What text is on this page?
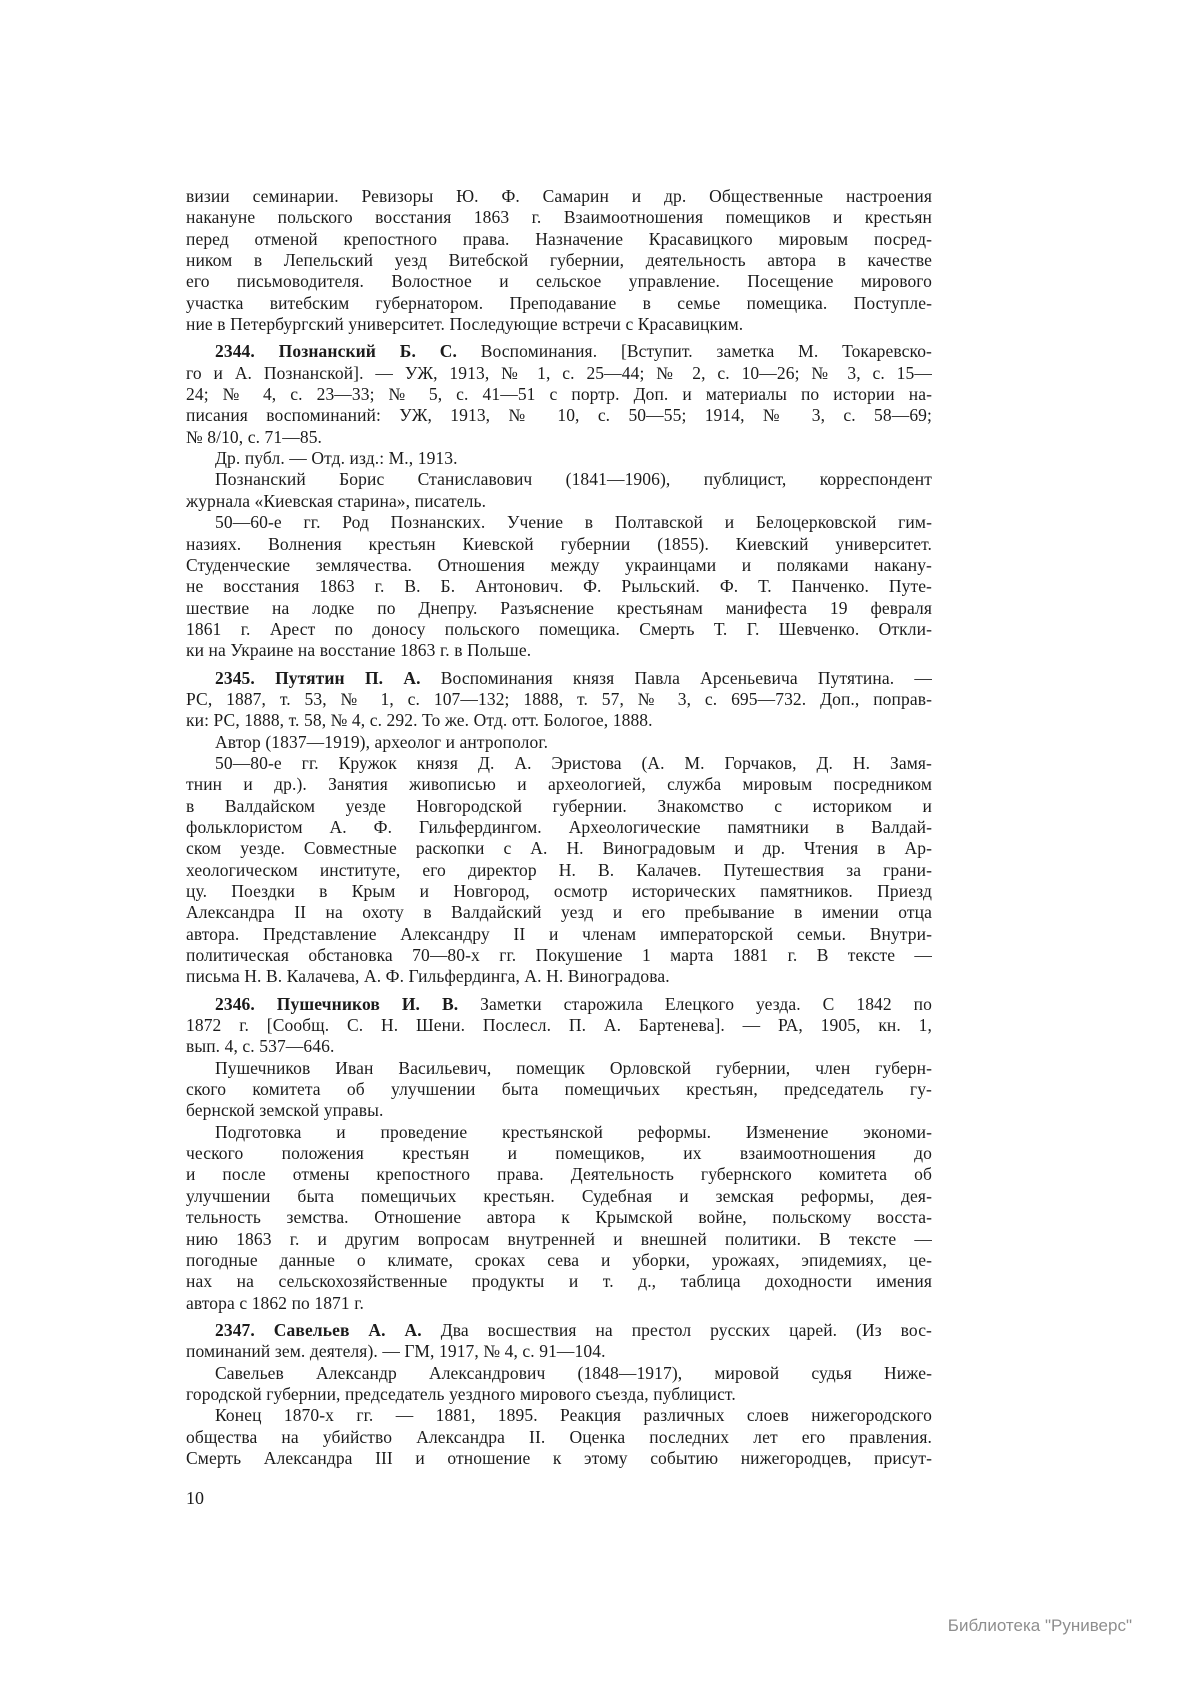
визии семинарии. Ревизоры Ю. Ф. Самарин и др. Общественные настроения
накануне польского восстания 1863 г. Взаимоотношения помещиков и крестьян
перед отменой крепостного права. Назначение Красавицкого мировым посред-
ником в Лепельский уезд Витебской губернии, деятельность автора в качестве
его письмоводителя. Волостное и сельское управление. Посещение мирового
участка витебским губернатором. Преподавание в семье помещика. Поступле-
ние в Петербургский университет. Последующие встречи с Красавицким.
2344. Познанский Б. С. Воспоминания. [Вступит. заметка М. Токаревско-
го и А. Познанской]. — УЖ, 1913, № 1, с. 25—44; № 2, с. 10—26; № 3, с. 15—
24; № 4, с. 23—33; № 5, с. 41—51 с портр. Доп. и материалы по истории на-
писания воспоминаний: УЖ, 1913, № 10, с. 50—55; 1914, № 3, с. 58—69;
№ 8/10, с. 71—85.
Др. публ. — Отд. изд.: М., 1913.
Познанский Борис Станиславович (1841—1906), публицист, корреспондент
журнала «Киевская старина», писатель.
50—60-е гг. Род Познанских. Учение в Полтавской и Белоцерковской гим-
назиях. Волнения крестьян Киевской губернии (1855). Киевский университет.
Студенческие землячества. Отношения между украинцами и поляками накану-
не восстания 1863 г. В. Б. Антонович. Ф. Рыльский. Ф. Т. Панченко. Путе-
шествие на лодке по Днепру. Разъяснение крестьянам манифеста 19 февраля
1861 г. Арест по доносу польского помещика. Смерть Т. Г. Шевченко. Откли-
ки на Украине на восстание 1863 г. в Польше.
2345. Путятин П. А. Воспоминания князя Павла Арсеньевича Путятина. —
РС, 1887, т. 53, № 1, с. 107—132; 1888, т. 57, № 3, с. 695—732. Доп., поправ-
ки: РС, 1888, т. 58, № 4, с. 292. То же. Отд. отт. Бологое, 1888.
Автор (1837—1919), археолог и антрополог.
50—80-е гг. Кружок князя Д. А. Эристова (А. М. Горчаков, Д. Н. Замя-
тнин и др.). Занятия живописью и археологией, служба мировым посредником
в Валдайском уезде Новгородской губернии. Знакомство с историком и
фольклористом А. Ф. Гильфердингом. Археологические памятники в Валдай-
ском уезде. Совместные раскопки с А. Н. Виноградовым и др. Чтения в Ар-
хеологическом институте, его директор Н. В. Калачев. Путешествия за грани-
цу. Поездки в Крым и Новгород, осмотр исторических памятников. Приезд
Александра II на охоту в Валдайский уезд и его пребывание в имении отца
автора. Представление Александру II и членам императорской семьи. Внутри-
политическая обстановка 70—80-х гг. Покушение 1 марта 1881 г. В тексте —
письма Н. В. Калачева, А. Ф. Гильфердинга, А. Н. Виноградова.
2346. Пушечников И. В. Заметки старожила Елецкого уезда. С 1842 по
1872 г. [Сообщ. С. Н. Шени. Послесл. П. А. Бартенева]. — РА, 1905, кн. 1,
вып. 4, с. 537—646.
Пушечников Иван Васильевич, помещик Орловской губернии, член губерн-
ского комитета об улучшении быта помещичьих крестьян, председатель гу-
бернской земской управы.
Подготовка и проведение крестьянской реформы. Изменение экономи-
ческого положения крестьян и помещиков, их взаимоотношения до
и после отмены крепостного права. Деятельность губернского комитета об
улучшении быта помещичьих крестьян. Судебная и земская реформы, дея-
тельность земства. Отношение автора к Крымской войне, польскому восста-
нию 1863 г. и другим вопросам внутренней и внешней политики. В тексте —
погодные данные о климате, сроках сева и уборки, урожаях, эпидемиях, це-
нах на сельскохозяйственные продукты и т. д., таблица доходности имения
автора с 1862 по 1871 г.
2347. Савельев А. А. Два восшествия на престол русских царей. (Из вос-
поминаний зем. деятеля). — ГМ, 1917, № 4, с. 91—104.
Савельев Александр Александрович (1848—1917), мировой судья Ниже-
городской губернии, председатель уездного мирового съезда, публицист.
Конец 1870-х гг. — 1881, 1895. Реакция различных слоев нижегородского
общества на убийство Александра II. Оценка последних лет его правления.
Смерть Александра III и отношение к этому событию нижегородцев, присут-
10
Библиотека "Руниверс"
